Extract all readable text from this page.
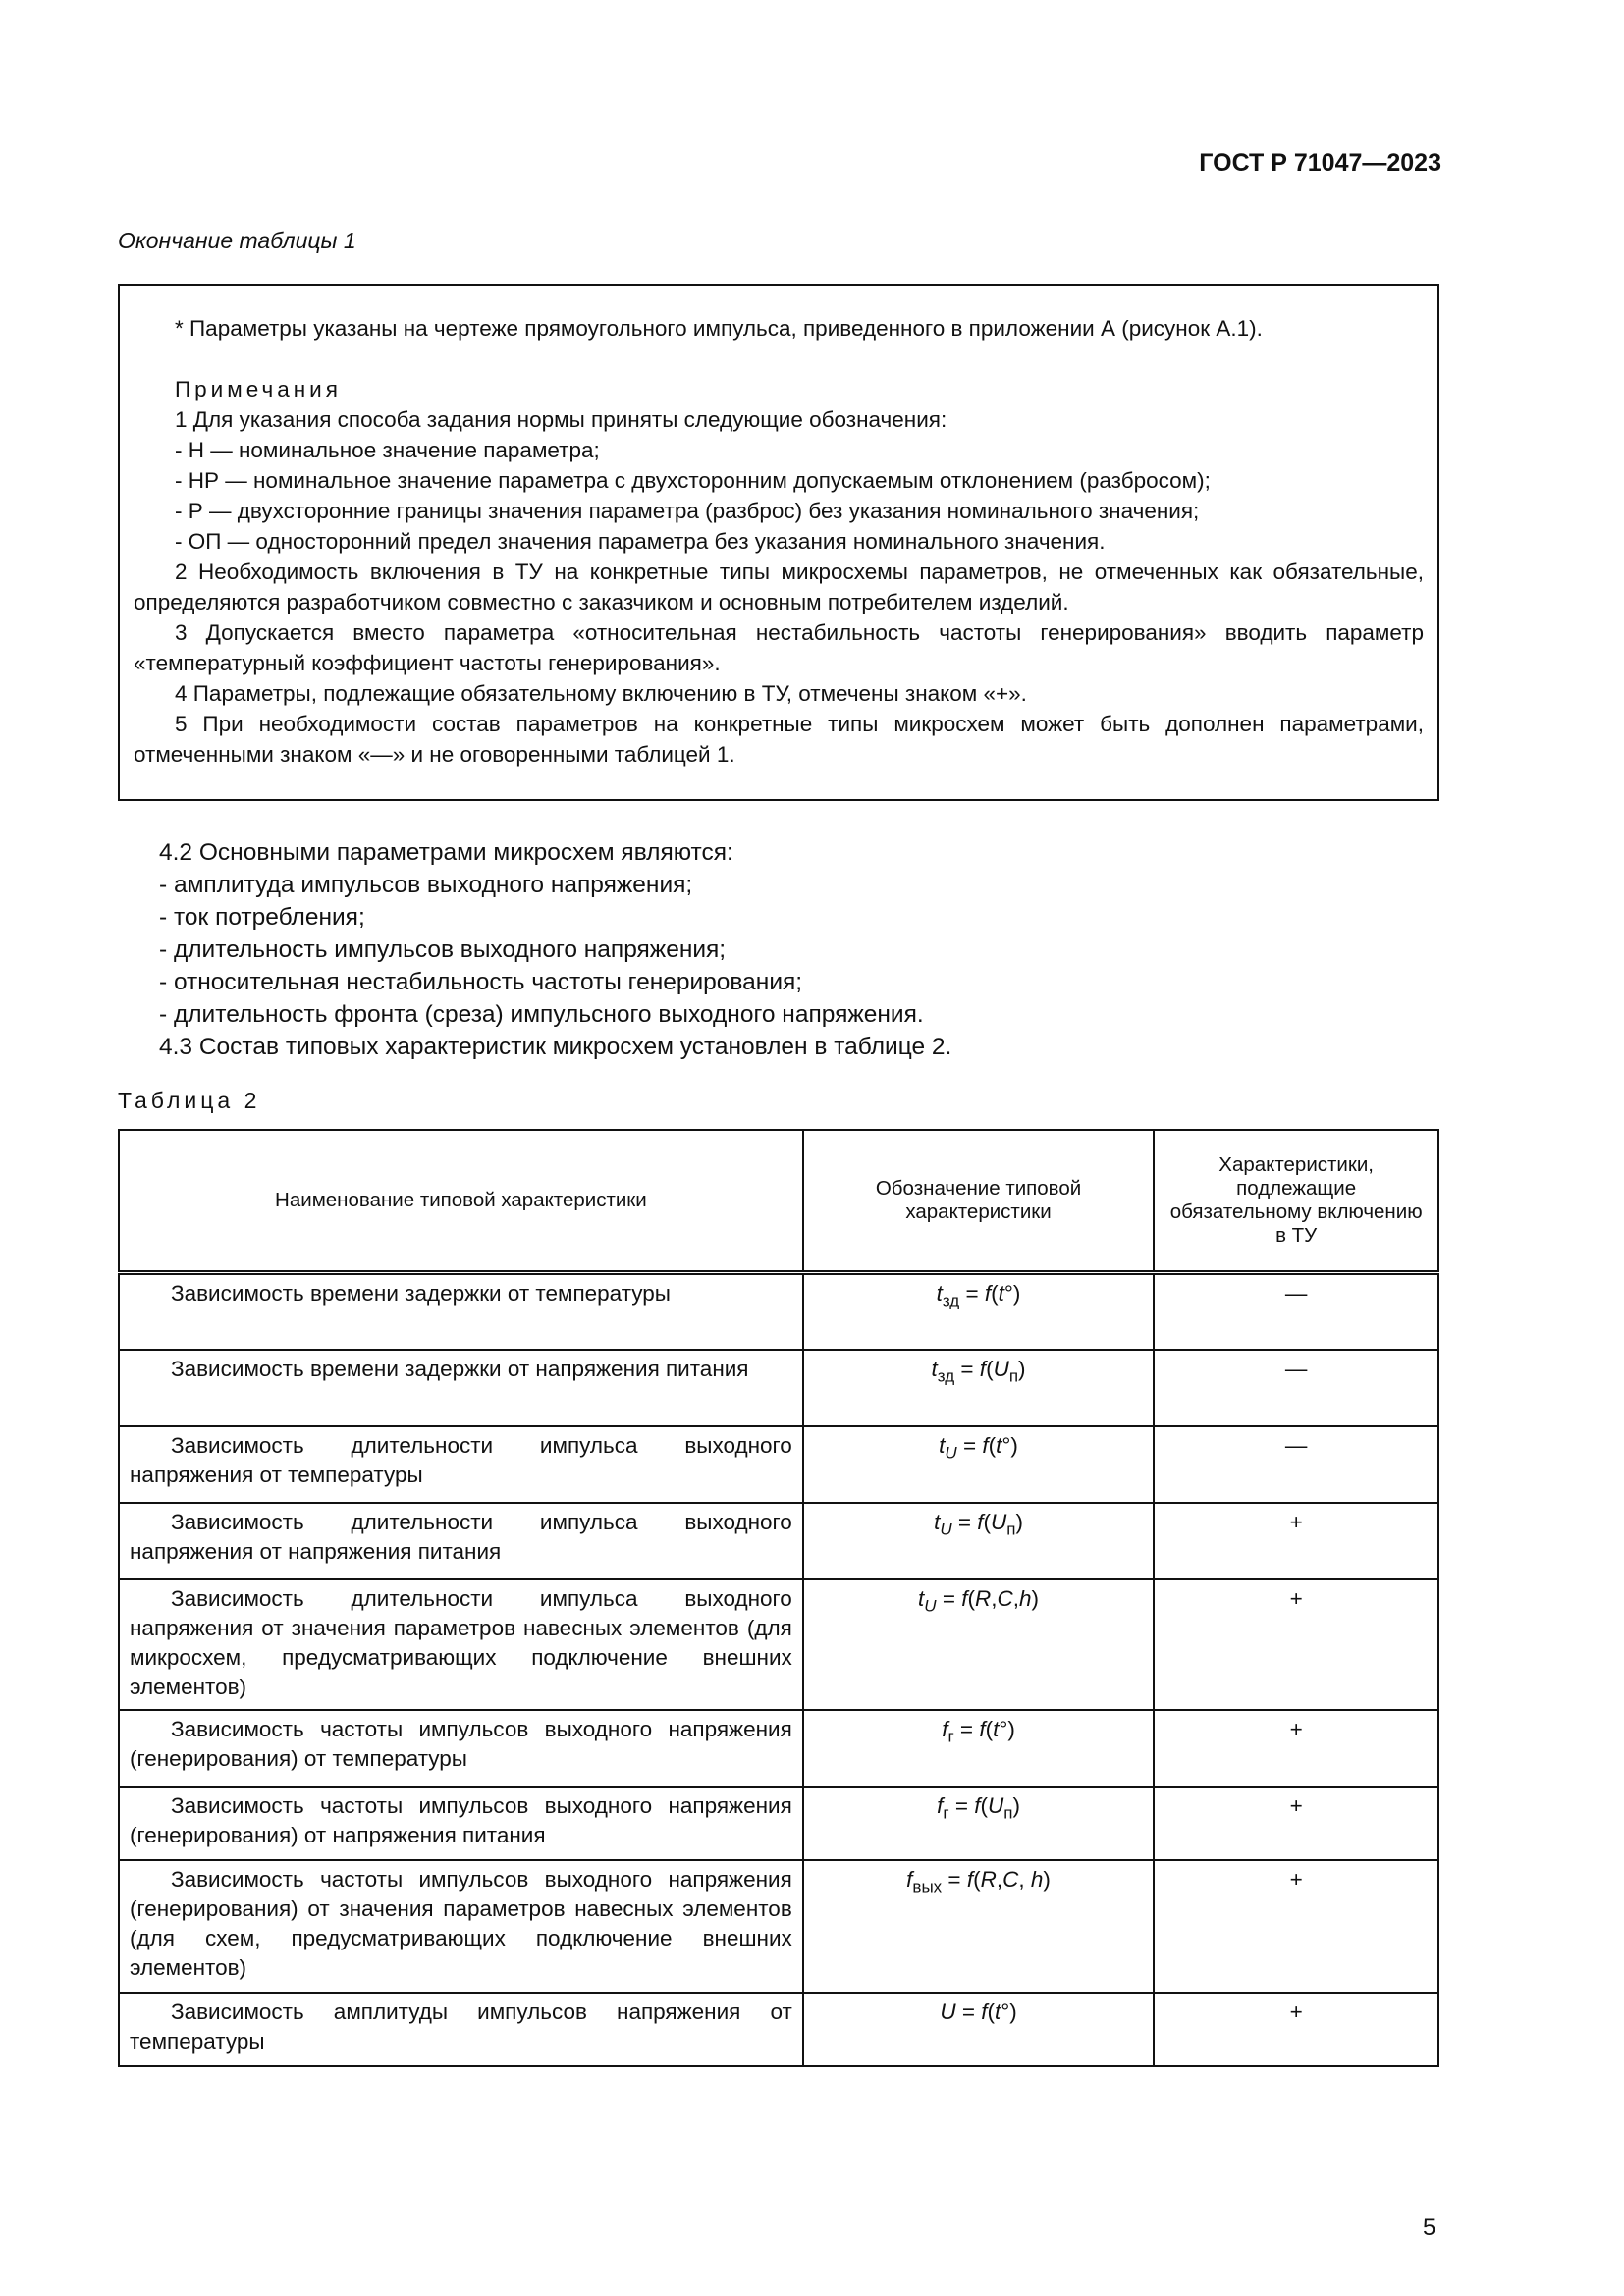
ГОСТ Р 71047—2023
Окончание таблицы 1
* Параметры указаны на чертеже прямоугольного импульса, приведенного в приложении А (рисунок А.1).
Примечания
1 Для указания способа задания нормы приняты следующие обозначения:
- Н — номинальное значение параметра;
- НР — номинальное значение параметра с двухсторонним допускаемым отклонением (разбросом);
- Р — двухсторонние границы значения параметра (разброс) без указания номинального значения;
- ОП — односторонний предел значения параметра без указания номинального значения.
2 Необходимость включения в ТУ на конкретные типы микросхемы параметров, не отмеченных как обязательные, определяются разработчиком совместно с заказчиком и основным потребителем изделий.
3 Допускается вместо параметра «относительная нестабильность частоты генерирования» вводить параметр «температурный коэффициент частоты генерирования».
4 Параметры, подлежащие обязательному включению в ТУ, отмечены знаком «+».
5 При необходимости состав параметров на конкретные типы микросхем может быть дополнен параметрами, отмеченными знаком «—» и не оговоренными таблицей 1.
4.2 Основными параметрами микросхем являются:
- амплитуда импульсов выходного напряжения;
- ток потребления;
- длительность импульсов выходного напряжения;
- относительная нестабильность частоты генерирования;
- длительность фронта (среза) импульсного выходного напряжения.
4.3 Состав типовых характеристик микросхем установлен в таблице 2.
Таблица 2
Наименование типовой характеристики	Обозначение типовой характеристики	Характеристики, подлежащие обязательному включению в ТУ
Зависимость времени задержки от температуры	$t_{зд} = f(t^\circ)$	—
Зависимость времени задержки от напряжения питания	$t_{зд} = f(U_п)$	—
Зависимость длительности импульса выходного напряжения от температуры	$t_U = f(t^\circ)$	—
Зависимость длительности импульса выходного напряжения от напряжения питания	$t_U = f(U_п)$	+
Зависимость длительности импульса выходного напряжения от значения параметров навесных элементов (для микросхем, предусматривающих подключение внешних элементов)	$t_U = f(R,C,h)$	+
Зависимость частоты импульсов выходного напряжения (генерирования) от температуры	$f_г = f(t^\circ)$	+
Зависимость частоты импульсов выходного напряжения (генерирования) от напряжения питания	$f_г = f(U_п)$	+
Зависимость частоты импульсов выходного напряжения (генерирования) от значения параметров навесных элементов (для схем, предусматривающих подключение внешних элементов)	$f_{вых} = f(R,C$, h)	+
Зависимость амплитуды импульсов напряжения от температуры	U = f(t°)	+
5
